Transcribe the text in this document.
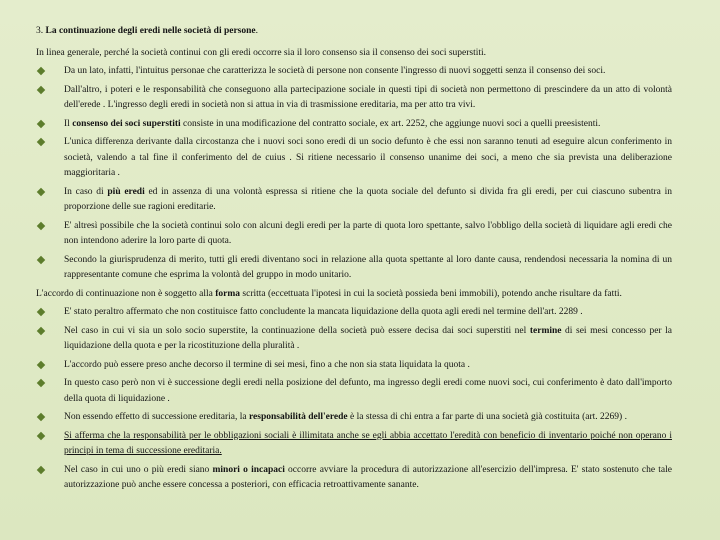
3. La continuazione degli eredi nelle società di persone.

In linea generale, perché la società continui con gli eredi occorre sia il loro consenso sia il consenso dei soci superstiti.

Da un lato, infatti, l'intuitus personae che caratterizza le società di persone non consente l'ingresso di nuovi soggetti senza il consenso dei soci.
Dall'altro, i poteri e le responsabilità che conseguono alla partecipazione sociale in questi tipi di società non permettono di prescindere da un atto di volontà dell'erede . L'ingresso degli eredi in società non si attua in via di trasmissione ereditaria, ma per atto tra vivi.
Il consenso dei soci superstiti consiste in una modificazione del contratto sociale, ex art. 2252, che aggiunge nuovi soci a quelli preesistenti.
L'unica differenza derivante dalla circostanza che i nuovi soci sono eredi di un socio defunto è che essi non saranno tenuti ad eseguire alcun conferimento in società, valendo a tal fine il conferimento del de cuius . Si ritiene necessario il consenso unanime dei soci, a meno che sia prevista una deliberazione maggioritaria .
In caso di più eredi ed in assenza di una volontà espressa si ritiene che la quota sociale del defunto si divida fra gli eredi, per cui ciascuno subentra in proporzione delle sue ragioni ereditarie.
E' altresì possibile che la società continui solo con alcuni degli eredi per la parte di quota loro spettante, salvo l'obbligo della società di liquidare agli eredi che non intendono aderire la loro parte di quota.
Secondo la giurisprudenza di merito, tutti gli eredi diventano soci in relazione alla quota spettante al loro dante causa, rendendosi necessaria la nomina di un rappresentante comune che esprima la volontà del gruppo in modo unitario.

L'accordo di continuazione non è soggetto alla forma scritta (eccettuata l'ipotesi in cui la società possieda beni immobili), potendo anche risultare da fatti.

E' stato peraltro affermato che non costituisce fatto concludente la mancata liquidazione della quota agli eredi nel termine dell'art. 2289 .
Nel caso in cui vi sia un solo socio superstite, la continuazione della società può essere decisa dai soci superstiti nel termine di sei mesi concesso per la liquidazione della quota e per la ricostituzione della pluralità .
L'accordo può essere preso anche decorso il termine di sei mesi, fino a che non sia stata liquidata la quota .
In questo caso però non vi è successione degli eredi nella posizione del defunto, ma ingresso degli eredi come nuovi soci, cui conferimento è dato dall'importo della quota di liquidazione .
Non essendo effetto di successione ereditaria, la responsabilità dell'erede è la stessa di chi entra a far parte di una società già costituita (art. 2269) .
Si afferma che la responsabilità per le obbligazioni sociali è illimitata anche se egli abbia accettato l'eredità con beneficio di inventario poiché non operano i principi in tema di successione ereditaria.
Nel caso in cui uno o più eredi siano minori o incapaci occorre avviare la procedura di autorizzazione all'esercizio dell'impresa. E' stato sostenuto che tale autorizzazione può anche essere concessa a posteriori, con efficacia retroattivamente sanante.
